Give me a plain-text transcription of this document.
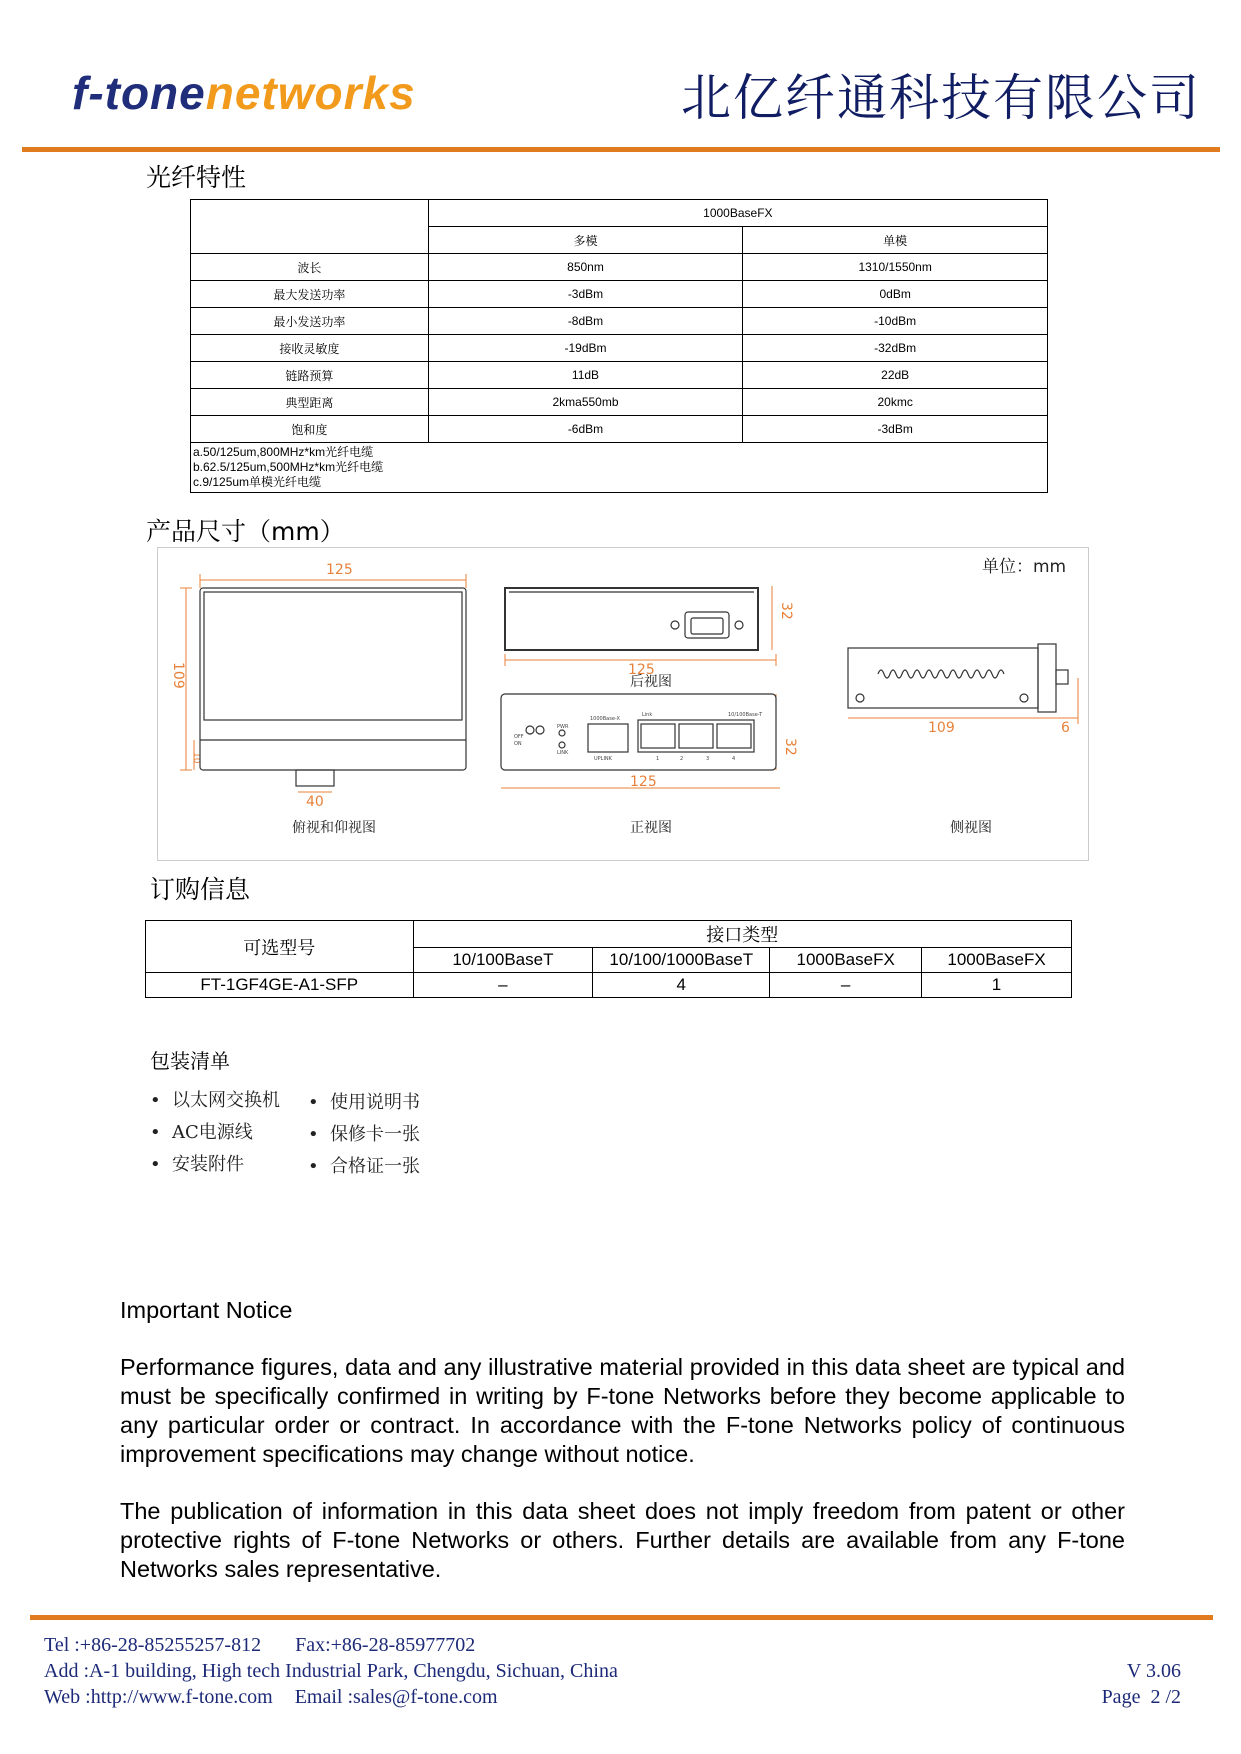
f-tonenetworks	北亿纤通科技有限公司
光纤特性
	1000BaseFX	
	多模	单模
波长	850nm	1310/1550nm
最大发送功率	-3dBm	0dBm
最小发送功率	-8dBm	-10dBm
接收灵敏度	-19dBm	-32dBm
链路预算	11dB	22dB
典型距离	2kma550mb	20kmc
饱和度	-6dBm	-3dBm

a.50/125um,800MHz*km光纤电缆
b.62.5/125um,500MHz*km光纤电缆
c.9/125um单模光纤电缆		
产品尺寸（mm）
125
109
10
40
125
32
125
32
109	6
OFF
ON
PWR
LINK
1000Base-X
UPLINK
Link	10/100Base-T
1	2	3	4
单位：mm
后视图
俯视和仰视图	正视图	侧视图
订购信息
可选型号	接口类型			
	10/100BaseT	10/100/1000BaseT	1000BaseFX	1000BaseFX
FT-1GF4GE-A1-SFP	–	4	–	1
包装清单
• 以太网交换机
• AC电源线
• 安装附件
• 使用说明书
• 保修卡一张
• 合格证一张
Important Notice
Performance figures, data and any illustrative material provided in this data sheet are typical and must be specifically confirmed in writing by F-tone Networks before they become applicable to any particular order or contract. In accordance with the F-tone Networks policy of continuous improvement specifications may change without notice.
The publication of information in this data sheet does not imply freedom from patent or other protective rights of F-tone Networks or others. Further details are available from any F-tone Networks sales representative.
Tel :+86-28-85255257-812 Fax:+86-28-85977702
Add :A-1 building, High tech Industrial Park, Chengdu, Sichuan, China
Web :http://www.f-tone.com Email :sales@f-tone.com
V 3.06
Page  2 /2
